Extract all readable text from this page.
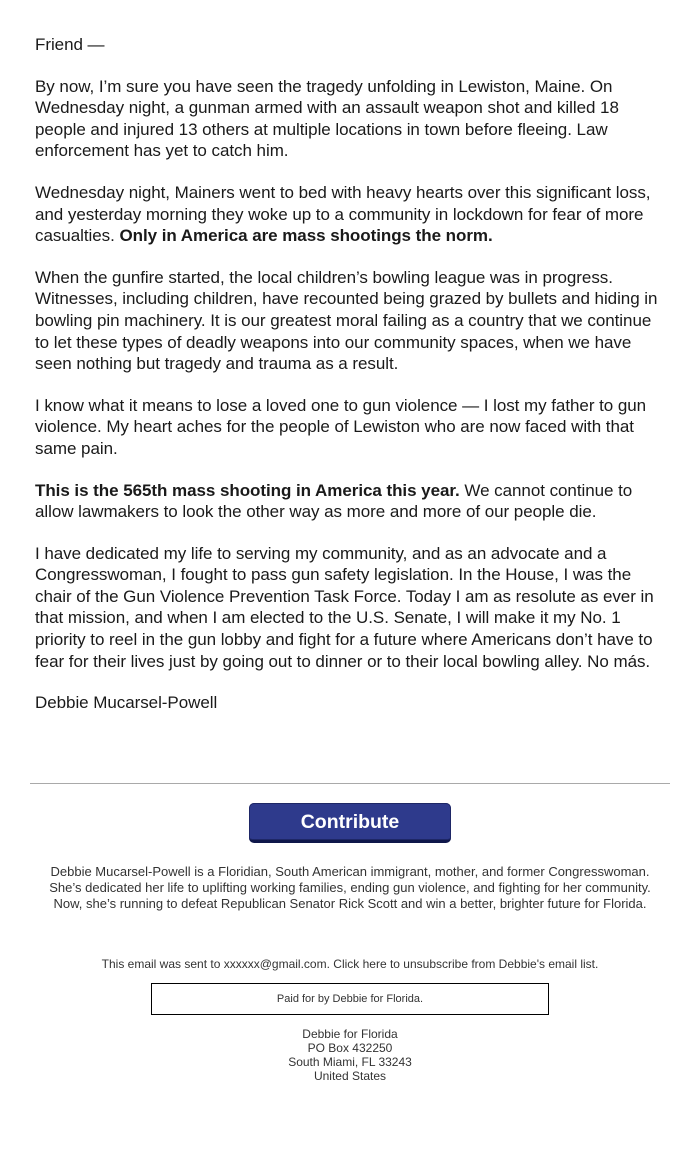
Friend —

By now, I’m sure you have seen the tragedy unfolding in Lewiston, Maine. On Wednesday night, a gunman armed with an assault weapon shot and killed 18 people and injured 13 others at multiple locations in town before fleeing. Law enforcement has yet to catch him.

Wednesday night, Mainers went to bed with heavy hearts over this significant loss, and yesterday morning they woke up to a community in lockdown for fear of more casualties. Only in America are mass shootings the norm.

When the gunfire started, the local children’s bowling league was in progress. Witnesses, including children, have recounted being grazed by bullets and hiding in bowling pin machinery. It is our greatest moral failing as a country that we continue to let these types of deadly weapons into our community spaces, when we have seen nothing but tragedy and trauma as a result.

I know what it means to lose a loved one to gun violence — I lost my father to gun violence. My heart aches for the people of Lewiston who are now faced with that same pain.

This is the 565th mass shooting in America this year. We cannot continue to allow lawmakers to look the other way as more and more of our people die.

I have dedicated my life to serving my community, and as an advocate and a Congresswoman, I fought to pass gun safety legislation. In the House, I was the chair of the Gun Violence Prevention Task Force. Today I am as resolute as ever in that mission, and when I am elected to the U.S. Senate, I will make it my No. 1 priority to reel in the gun lobby and fight for a future where Americans don’t have to fear for their lives just by going out to dinner or to their local bowling alley. No más.

Debbie Mucarsel-Powell

Contribute
Debbie Mucarsel-Powell is a Floridian, South American immigrant, mother, and former Congresswoman. She’s dedicated her life to uplifting working families, ending gun violence, and fighting for her community. Now, she’s running to defeat Republican Senator Rick Scott and win a better, brighter future for Florida.
This email was sent to xxxxxx@gmail.com. Click here to unsubscribe from Debbie's email list.
Paid for by Debbie for Florida.
Debbie for Florida
PO Box 432250
South Miami, FL 33243
United States
